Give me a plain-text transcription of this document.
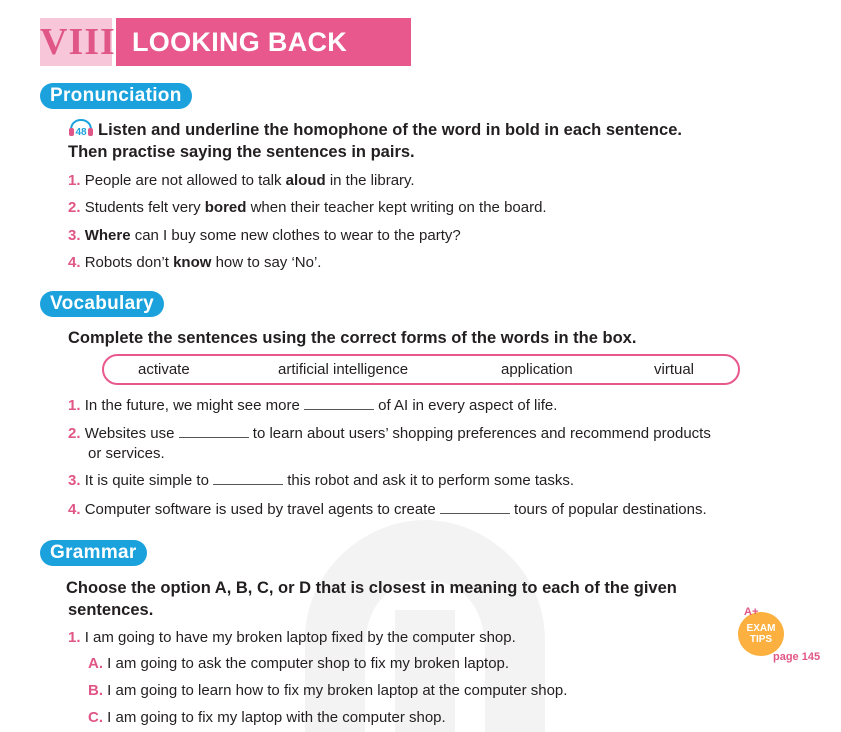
VIII LOOKING BACK
Pronunciation
48 Listen and underline the homophone of the word in bold in each sentence.
Then practise saying the sentences in pairs.
1. People are not allowed to talk aloud in the library.
2. Students felt very bored when their teacher kept writing on the board.
3. Where can I buy some new clothes to wear to the party?
4. Robots don’t know how to say ‘No’.
Vocabulary
Complete the sentences using the correct forms of the words in the box.
activate	artificial intelligence	application	virtual
1. In the future, we might see more	of AI in every aspect of life.
2. Websites use	to learn about users’ shopping preferences and recommend products
or services.
3. It is quite simple to	this robot and ask it to perform some tasks.
4. Computer software is used by travel agents to create	tours of popular destinations.
Grammar
Choose the option A, B, C, or D that is closest in meaning to each of the given
sentences.
1. I am going to have my broken laptop fixed by the computer shop.
A. I am going to ask the computer shop to fix my broken laptop.
B. I am going to learn how to fix my broken laptop at the computer shop.
C. I am going to fix my laptop with the computer shop.
A+
EXAM
TIPS
page 145
